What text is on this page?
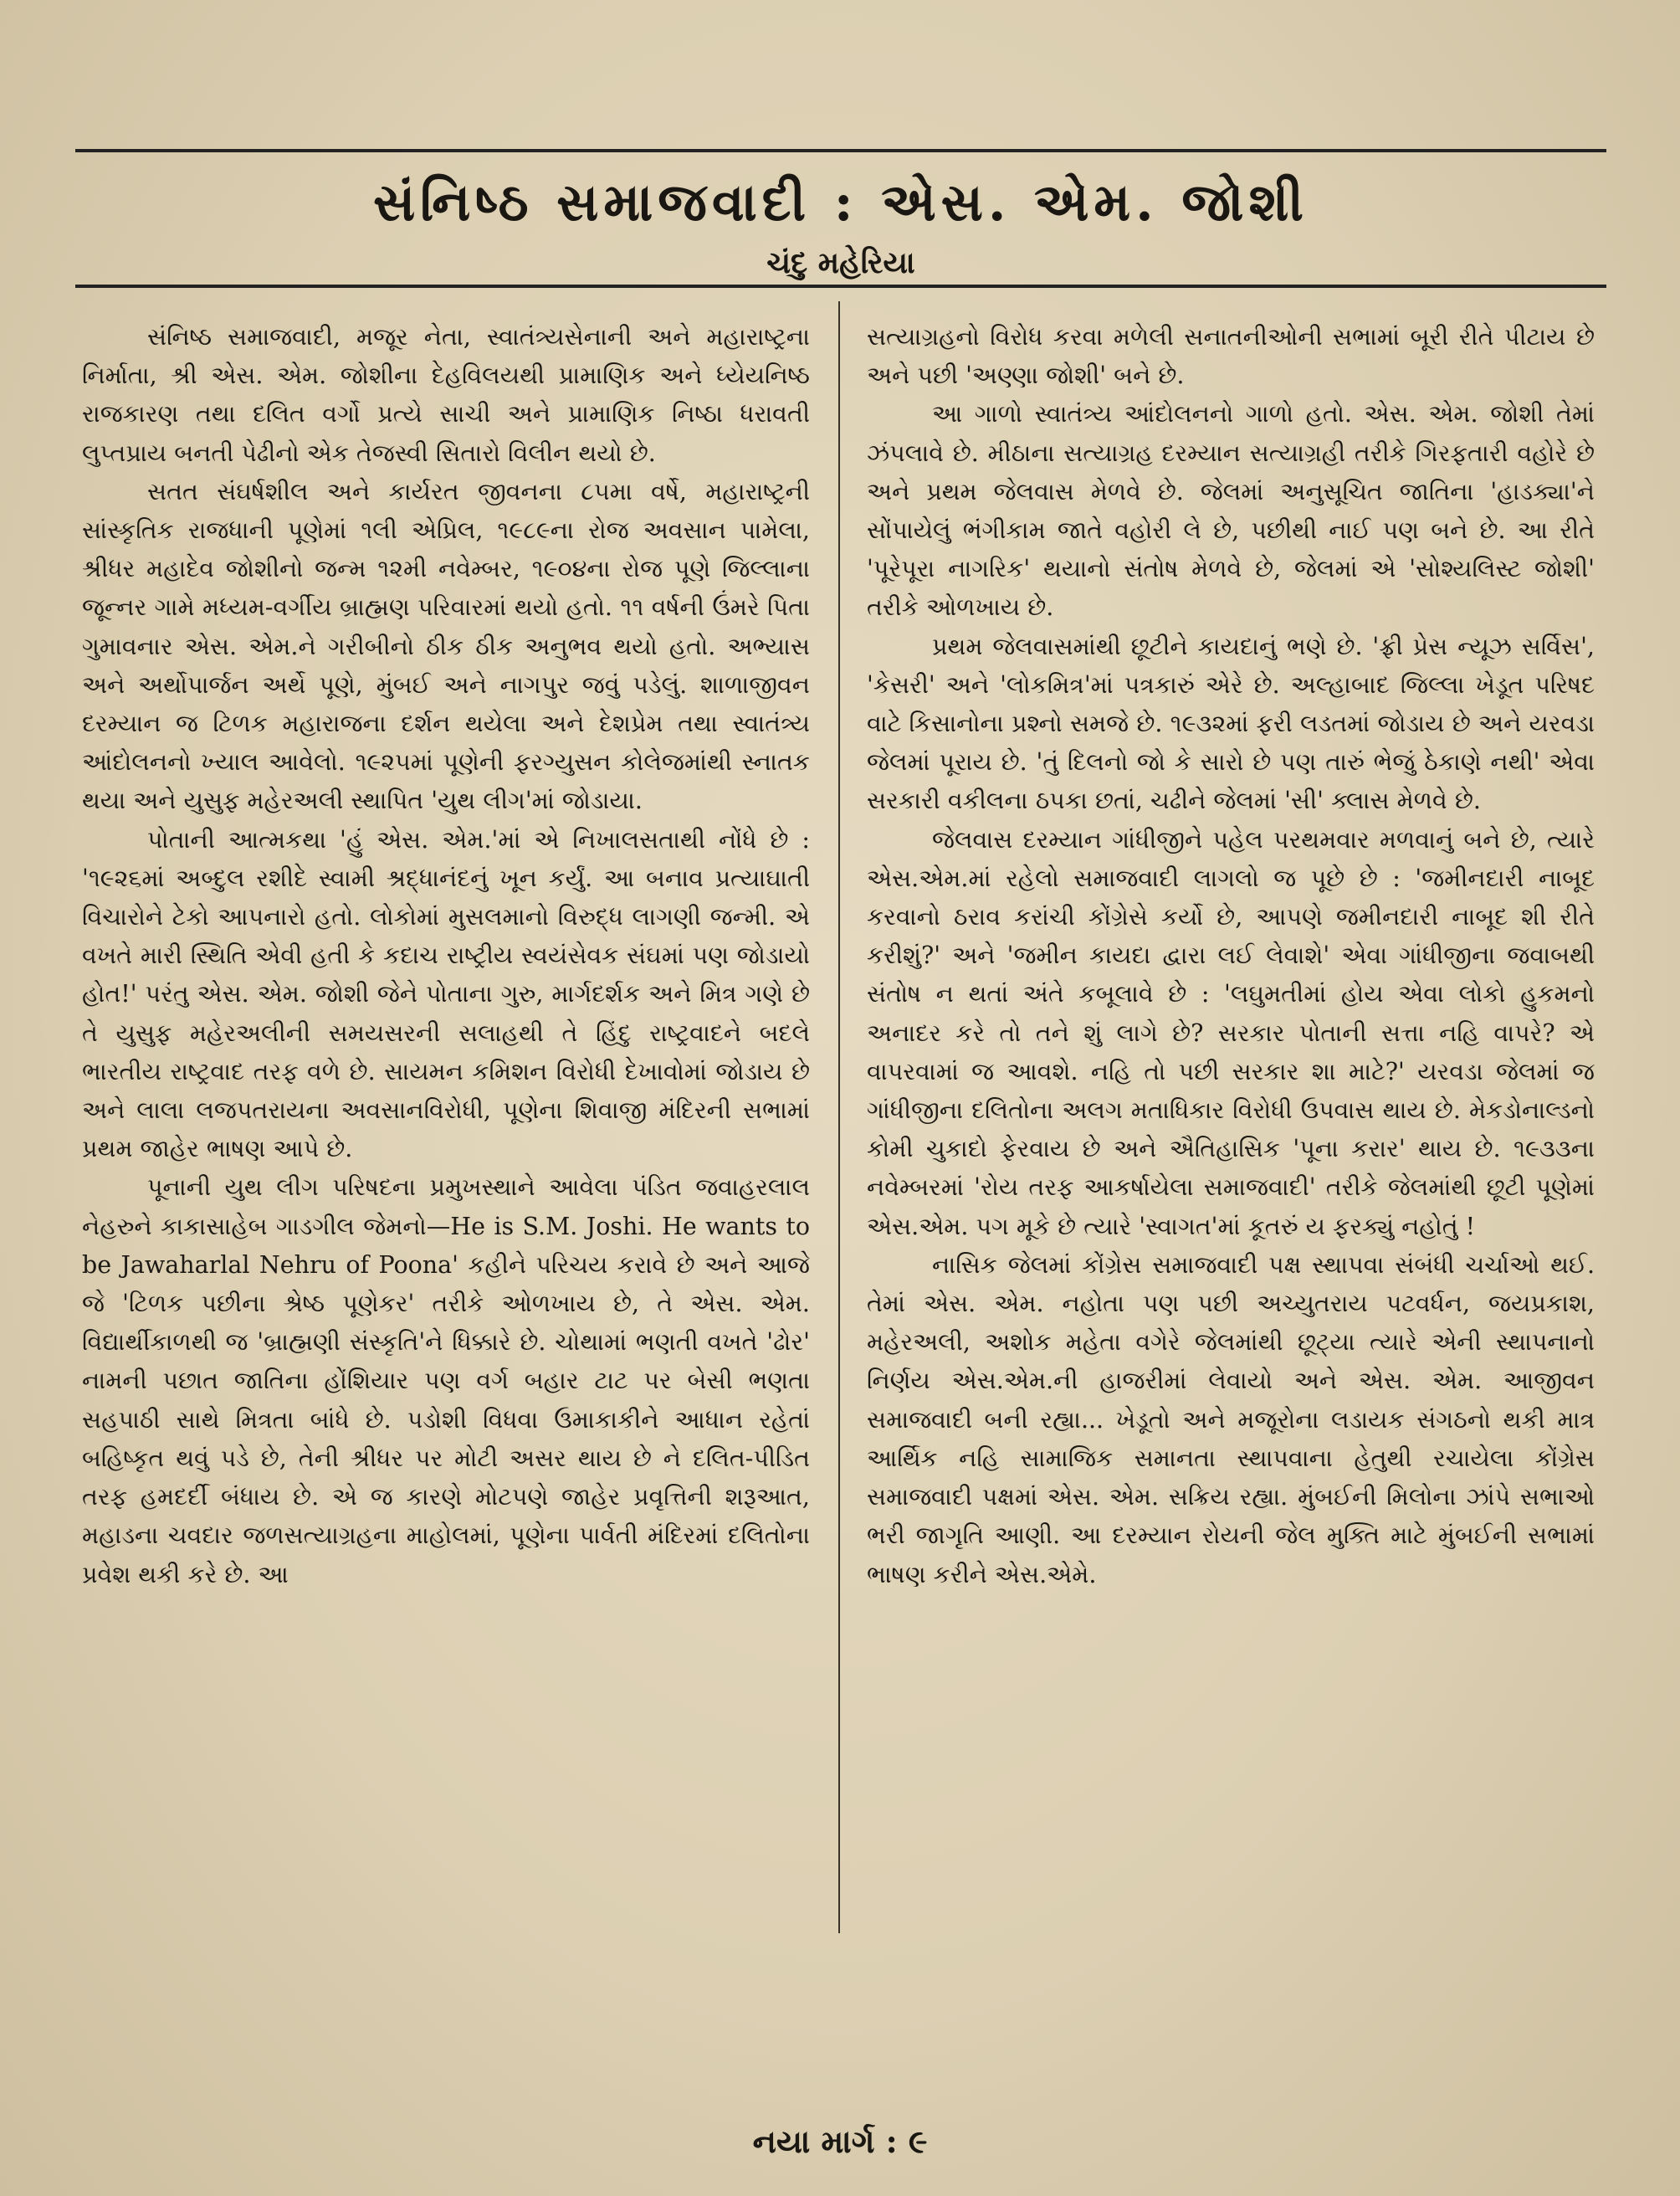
સંનિષ્ઠ સમાજવાદી : એસ. એમ. જોશી
ચંદુ મહેરિયા

સંનિષ્ઠ સમાજવાદી, મજૂર નેતા, સ્વાતંત્ર્યસેનાની અને મહારાષ્ટ્રના નિર્માતા, શ્રી એસ. એમ. જોશીના દેહવિલયથી પ્રામાણિક અને ધ્યેયનિષ્ઠ રાજકારણ તથા દલિત વર્ગો પ્રત્યે સાચી અને પ્રામાણિક નિષ્ઠા ધરાવતી લુપ્તપ્રાય બનતી પેઢીનો એક તેજસ્વી સિતારો વિલીન થયો છે.

સતત સંઘર્ષશીલ અને કાર્યરત જીવનના ૮૫મા વર્ષે, મહારાષ્ટ્રની સાંસ્કૃતિક રાજધાની પૂણેમાં ૧લી એપ્રિલ, ૧૯૮૯ના રોજ અવસાન પામેલા, શ્રીધર મહાદેવ જોશીનો જન્મ ૧૨મી નવેમ્બર, ૧૯૦૪ના રોજ પૂણે જિલ્લાના જૂન્નર ગામે મધ્યમ-વર્ગીય બ્રાહ્મણ પરિવારમાં થયો હતો. ૧૧ વર્ષની ઉંમરે પિતા ગુમાવનાર એસ. એમ.ને ગરીબીનો ઠીક ઠીક અનુભવ થયો હતો. અભ્યાસ અને અર્થોપાર્જન અર્થે પૂણે, મુંબઈ અને નાગપુર જવું પડેલું. શાળાજીવન દરમ્યાન જ ટિળક મહારાજના દર્શન થયેલા અને દેશપ્રેમ તથા સ્વાતંત્ર્ય આંદોલનનો ખ્યાલ આવેલો. ૧૯૨૫માં પૂણેની ફરગ્યુસન કોલેજમાંથી સ્નાતક થયા અને યુસુફ મહેરઅલી સ્થાપિત 'યુથ લીગ'માં જોડાયા.

પોતાની આત્મકથા 'હું એસ. એમ.'માં એ નિખાલસતાથી નોંધે છે : '૧૯૨૬માં અબ્દુલ રશીદે સ્વામી શ્રદ્ધાનંદનું ખૂન કર્યું. આ બનાવ પ્રત્યાઘાતી વિચારોને ટેકો આપનારો હતો. લોકોમાં મુસલમાનો વિરુદ્ધ લાગણી જન્મી. એ વખતે મારી સ્થિતિ એવી હતી કે કદાચ રાષ્ટ્રીય સ્વયંસેવક સંઘમાં પણ જોડાયો હોત!' પરંતુ એસ. એમ. જોશી જેને પોતાના ગુરુ, માર્ગદર્શક અને મિત્ર ગણે છે તે યુસુફ મહેરઅલીની સમયસરની સલાહથી તે હિંદુ રાષ્ટ્રવાદને બદલે ભારતીય રાષ્ટ્રવાદ તરફ વળે છે. સાયમન કમિશન વિરોધી દેખાવોમાં જોડાય છે અને લાલા લજપતરાયના અવસાનવિરોધી, પૂણેના શિવાજી મંદિરની સભામાં પ્રથમ જાહેર ભાષણ આપે છે.

પૂનાની યુથ લીગ પરિષદના પ્રમુખસ્થાને આવેલા પંડિત જવાહરલાલ નેહરુને કાકાસાહેબ ગાડગીલ જેમનો—He is S.M. Joshi. He wants to be Jawaharlal Nehru of Poona' કહીને પરિચય કરાવે છે અને આજે જે 'ટિળક પછીના શ્રેષ્ઠ પૂણેકર' તરીકે ઓળખાય છે, તે એસ. એમ. વિદ્યાર્થીકાળથી જ 'બ્રાહ્મણી સંસ્કૃતિ'ને ધિક્કારે છે. ચોથામાં ભણતી વખતે 'ઢોર' નામની પછાત જાતિના હોંશિયાર પણ વર્ગ બહાર ટાટ પર બેસી ભણતા સહપાઠી સાથે મિત્રતા બાંધે છે. પડોશી વિધવા ઉમાકાકીને આધાન રહેતાં બહિષ્કૃત થવું પડે છે, તેની શ્રીધર પર મોટી અસર થાય છે ને દલિત-પીડિત તરફ હમદર્દી બંધાય છે. એ જ કારણે મોટપણે જાહેર પ્રવૃત્તિની શરૂઆત, મહાડના ચવદાર જળસત્યાગ્રહના માહોલમાં, પૂણેના પાર્વતી મંદિરમાં દલિતોના પ્રવેશ થકી કરે છે. આ

સત્યાગ્રહનો વિરોધ કરવા મળેલી સનાતનીઓની સભામાં બૂરી રીતે પીટાય છે અને પછી 'અણ્ણા જોશી' બને છે.

આ ગાળો સ્વાતંત્ર્ય આંદોલનનો ગાળો હતો. એસ. એમ. જોશી તેમાં ઝંપલાવે છે. મીઠાના સત્યાગ્રહ દરમ્યાન સત્યાગ્રહી તરીકે ગિરફતારી વહોરે છે અને પ્રથમ જેલવાસ મેળવે છે. જેલમાં અનુસૂચિત જાતિના 'હાડક્યા'ને સોંપાયેલું ભંગીકામ જાતે વહોરી લે છે, પછીથી નાઈ પણ બને છે. આ રીતે 'પૂરેપૂરા નાગરિક' થયાનો સંતોષ મેળવે છે, જેલમાં એ 'સોશ્યલિસ્ટ જોશી' તરીકે ઓળખાય છે.

પ્રથમ જેલવાસમાંથી છૂટીને કાયદાનું ભણે છે. 'ફ્રી પ્રેસ ન્યૂઝ સર્વિસ', 'કેસરી' અને 'લોકમિત્ર'માં પત્રકારું એરે છે. અલ્હાબાદ જિલ્લા ખેડૂત પરિષદ વાટે કિસાનોના પ્રશ્નો સમજે છે. ૧૯૩૨માં ફરી લડતમાં જોડાય છે અને યરવડા જેલમાં પૂરાય છે. 'તું દિલનો જો કે સારો છે પણ તારું ભેજું ઠેકાણે નથી' એવા સરકારી વકીલના ઠપકા છતાં, ચઢીને જેલમાં 'સી' ક્લાસ મેળવે છે.

જેલવાસ દરમ્યાન ગાંધીજીને પહેલ પરથમવાર મળવાનું બને છે, ત્યારે એસ.એમ.માં રહેલો સમાજવાદી લાગલો જ પૂછે છે : 'જમીનદારી નાબૂદ કરવાનો ઠરાવ કરાંચી કોંગ્રેસે કર્યો છે, આપણે જમીનદારી નાબૂદ શી રીતે કરીશું?' અને 'જમીન કાયદા દ્વારા લઈ લેવાશે' એવા ગાંધીજીના જવાબથી સંતોષ ન થતાં અંતે કબૂલાવે છે : 'લઘુમતીમાં હોય એવા લોકો હુકમનો અનાદર કરે તો તને શું લાગે છે? સરકાર પોતાની સત્તા નહિ વાપરે? એ વાપરવામાં જ આવશે. નહિ તો પછી સરકાર શા માટે?' યરવડા જેલમાં જ ગાંધીજીના દલિતોના અલગ મતાધિકાર વિરોધી ઉપવાસ થાય છે. મેકડોનાલ્ડનો કોમી ચુકાદો ફેરવાય છે અને ઐતિહાસિક 'પૂના કરાર' થાય છે. ૧૯૩૩ના નવેમ્બરમાં 'રોય તરફ આકર્ષાયેલા સમાજવાદી' તરીકે જેલમાંથી છૂટી પૂણેમાં એસ.એમ. પગ મૂકે છે ત્યારે 'સ્વાગત'માં કૂતરું ય ફરક્યું નહોતું !

નાસિક જેલમાં કોંગ્રેસ સમાજવાદી પક્ષ સ્થાપવા સંબંધી ચર્ચાઓ થઈ. તેમાં એસ. એમ. નહોતા પણ પછી અચ્યુતરાય પટવર્ધન, જયપ્રકાશ, મહેરઅલી, અશોક મહેતા વગેરે જેલમાંથી છૂટ્યા ત્યારે એની સ્થાપનાનો નિર્ણય એસ.એમ.ની હાજરીમાં લેવાયો અને એસ. એમ. આજીવન સમાજવાદી બની રહ્યા... ખેડૂતો અને મજૂરોના લડાયક સંગઠનો થકી માત્ર આર્થિક નહિ સામાજિક સમાનતા સ્થાપવાના હેતુથી રચાયેલા કોંગ્રેસ સમાજવાદી પક્ષમાં એસ. એમ. સક્રિય રહ્યા. મુંબઈની મિલોના ઝાંપે સભાઓ ભરી જાગૃતિ આણી. આ દરમ્યાન રોયની જેલ મુક્તિ માટે મુંબઈની સભામાં ભાષણ કરીને એસ.એમે.

નયા માર્ગ : ૯
